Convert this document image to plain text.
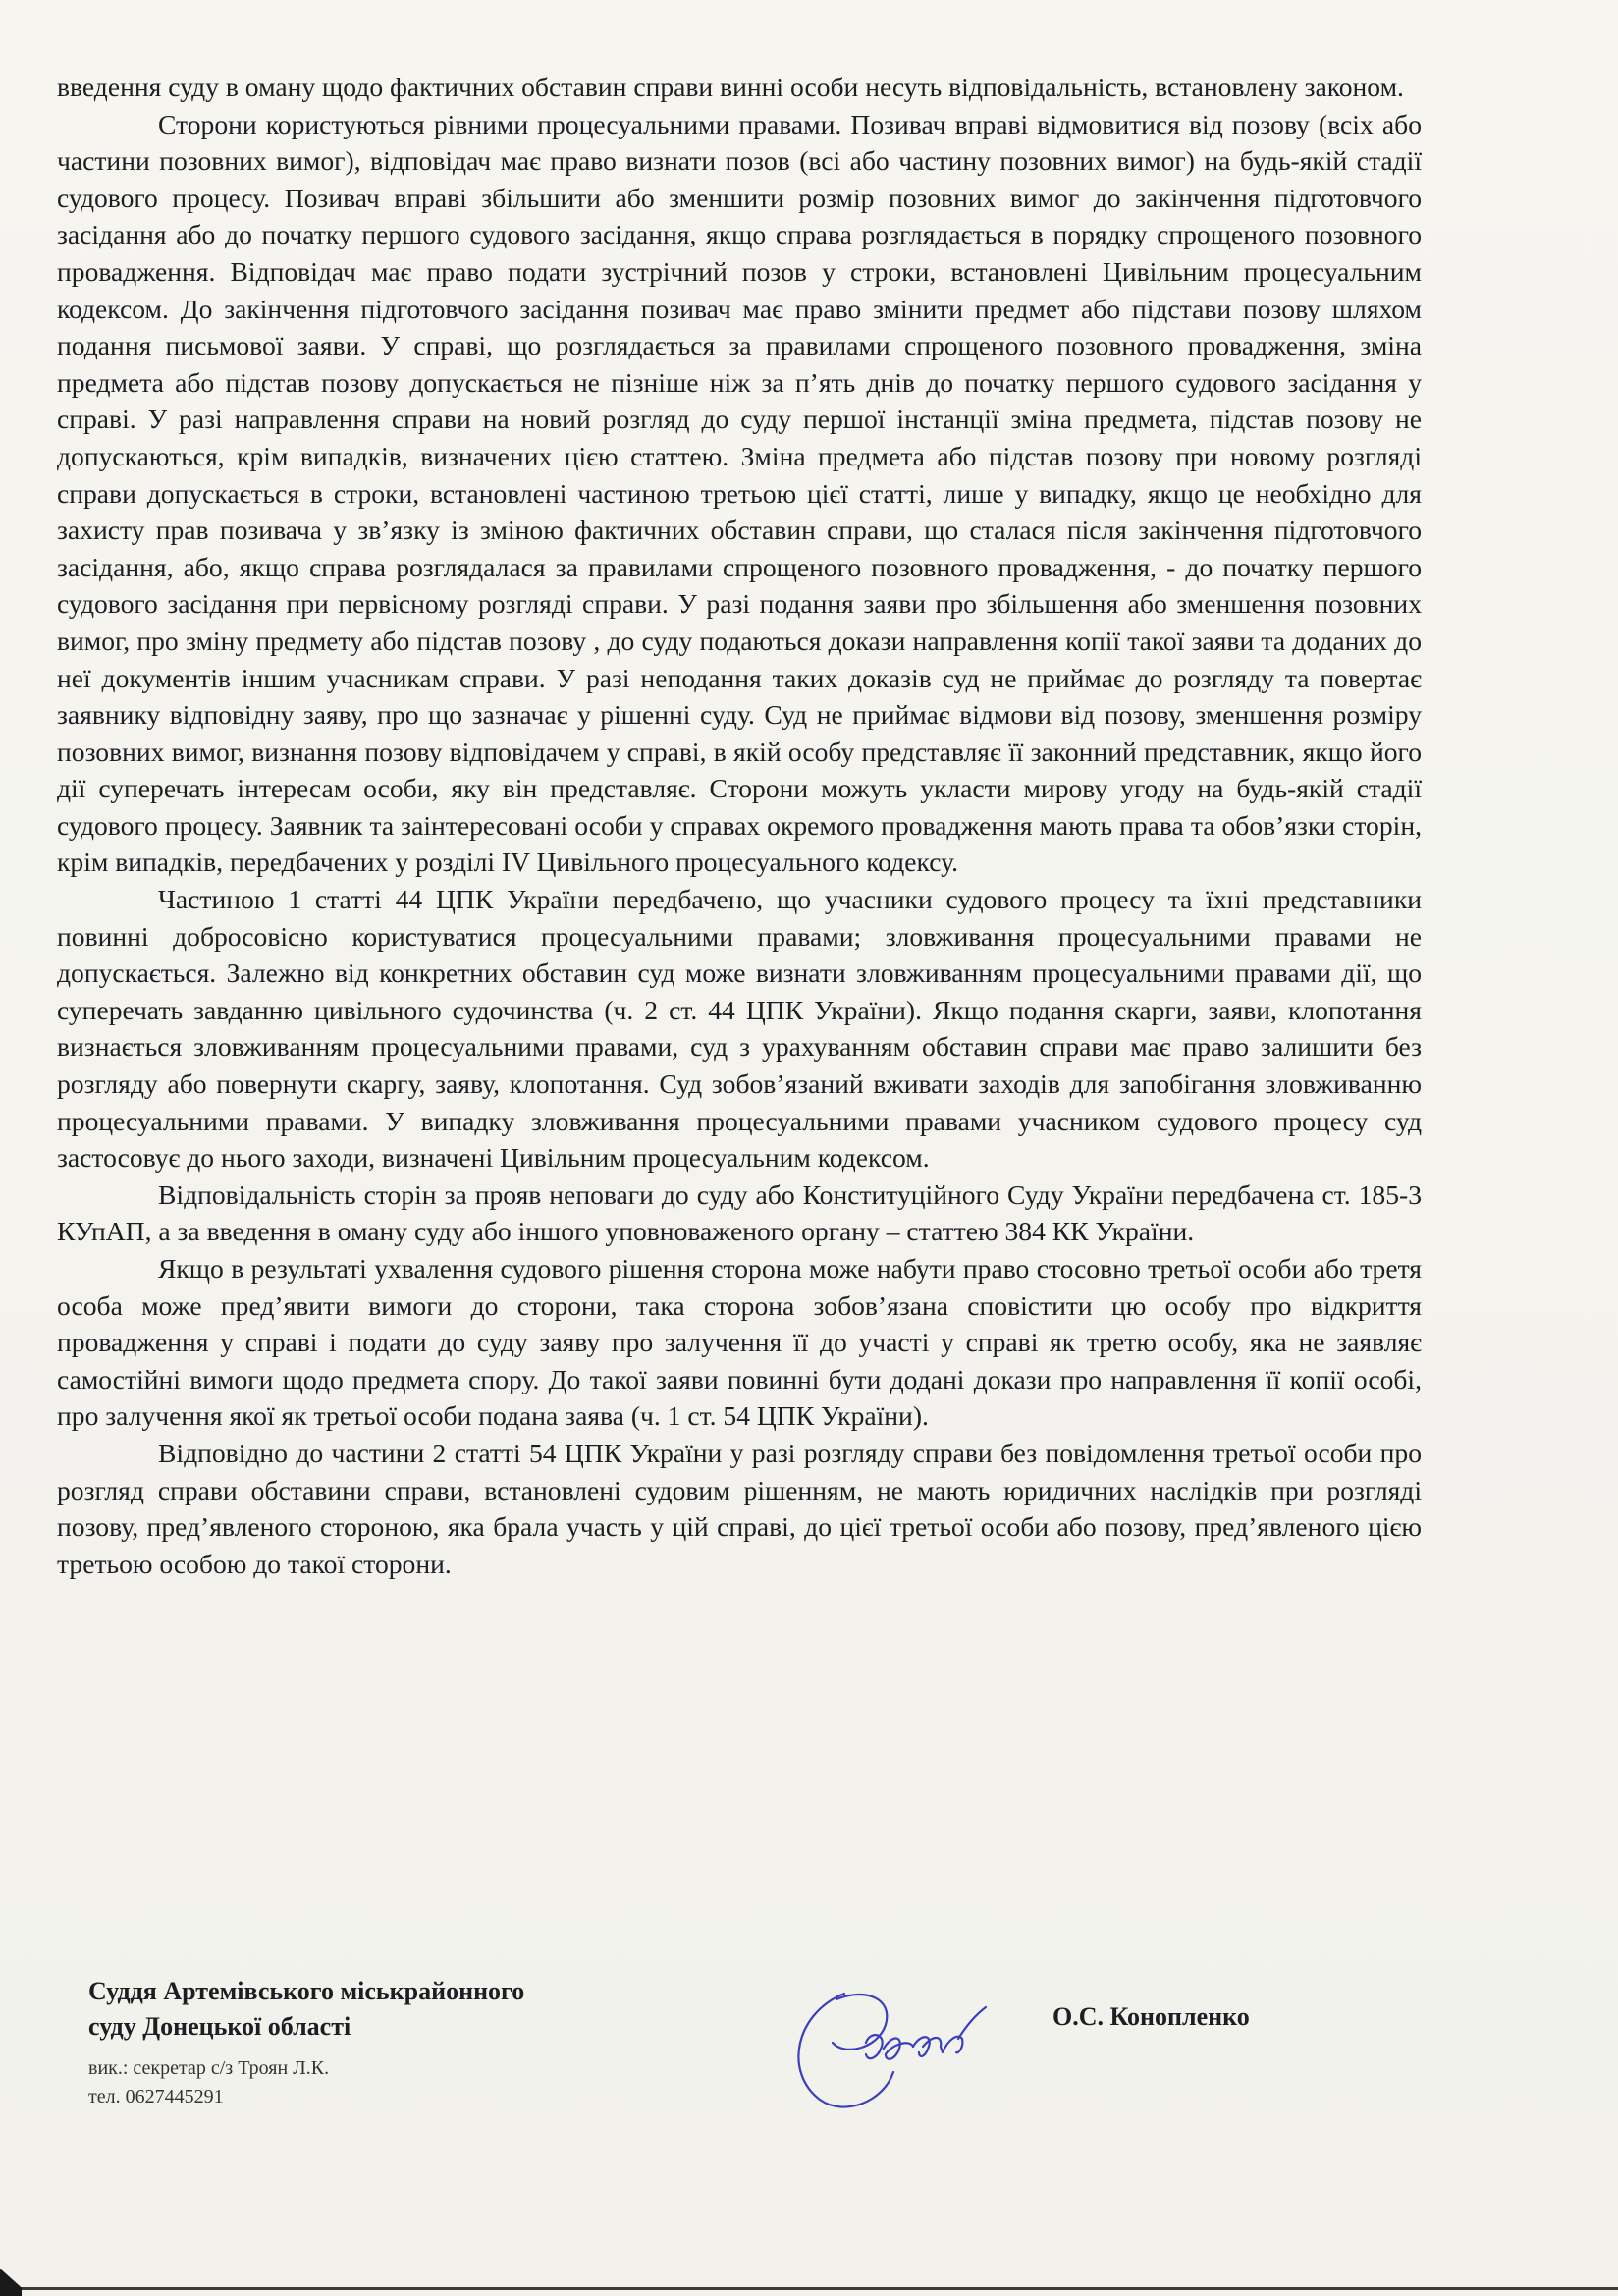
введення суду в оману щодо фактичних обставин справи винні особи несуть відповідальність, встановлену законом.

Сторони користуються рівними процесуальними правами. Позивач вправі відмовитися від позову (всіх або частини позовних вимог), відповідач має право визнати позов (всі або частину позовних вимог) на будь-якій стадії судового процесу. Позивач вправі збільшити або зменшити розмір позовних вимог до закінчення підготовчого засідання або до початку першого судового засідання, якщо справа розглядається в порядку спрощеного позовного провадження. Відповідач має право подати зустрічний позов у строки, встановлені Цивільним процесуальним кодексом. До закінчення підготовчого засідання позивач має право змінити предмет або підстави позову шляхом подання письмової заяви. У справі, що розглядається за правилами спрощеного позовного провадження, зміна предмета або підстав позову допускається не пізніше ніж за п’ять днів до початку першого судового засідання у справі. У разі направлення справи на новий розгляд до суду першої інстанції зміна предмета, підстав позову не допускаються, крім випадків, визначених цією статтею. Зміна предмета або підстав позову при новому розгляді справи допускається в строки, встановлені частиною третьою цієї статті, лише у випадку, якщо це необхідно для захисту прав позивача у зв’язку із зміною фактичних обставин справи, що сталася після закінчення підготовчого засідання, або, якщо справа розглядалася за правилами спрощеного позовного провадження, - до початку першого судового засідання при первісному розгляді справи. У разі подання заяви про збільшення або зменшення позовних вимог, про зміну предмету або підстав позову , до суду подаються докази направлення копії такої заяви та доданих до неї документів іншим учасникам справи. У разі неподання таких доказів суд не приймає до розгляду та повертає заявнику відповідну заяву, про що зазначає у рішенні суду. Суд не приймає відмови від позову, зменшення розміру позовних вимог, визнання позову відповідачем у справі, в якій особу представляє її законний представник, якщо його дії суперечать інтересам особи, яку він представляє. Сторони можуть укласти мирову угоду на будь-якій стадії судового процесу. Заявник та заінтересовані особи у справах окремого провадження мають права та обов’язки сторін, крім випадків, передбачених у розділі IV Цивільного процесуального кодексу.

Частиною 1 статті 44 ЦПК України передбачено, що учасники судового процесу та їхні представники повинні добросовісно користуватися процесуальними правами; зловживання процесуальними правами не допускається. Залежно від конкретних обставин суд може визнати зловживанням процесуальними правами дії, що суперечать завданню цивільного судочинства (ч. 2 ст. 44 ЦПК України). Якщо подання скарги, заяви, клопотання визнається зловживанням процесуальними правами, суд з урахуванням обставин справи має право залишити без розгляду або повернути скаргу, заяву, клопотання. Суд зобов’язаний вживати заходів для запобігання зловживанню процесуальними правами. У випадку зловживання процесуальними правами учасником судового процесу суд застосовує до нього заходи, визначені Цивільним процесуальним кодексом.

Відповідальність сторін за прояв неповаги до суду або Конституційного Суду України передбачена ст. 185-3 КУпАП, а за введення в оману суду або іншого уповноваженого органу – статтею 384 КК України.

Якщо в результаті ухвалення судового рішення сторона може набути право стосовно третьої особи або третя особа може пред’явити вимоги до сторони, така сторона зобов’язана сповістити цю особу про відкриття провадження у справі і подати до суду заяву про залучення її до участі у справі як третю особу, яка не заявляє самостійні вимоги щодо предмета спору. До такої заяви повинні бути додані докази про направлення її копії особі, про залучення якої як третьої особи подана заява (ч. 1 ст. 54 ЦПК України).

Відповідно до частини 2 статті 54 ЦПК України у разі розгляду справи без повідомлення третьої особи про розгляд справи обставини справи, встановлені судовим рішенням, не мають юридичних наслідків при розгляді позову, пред’явленого стороною, яка брала участь у цій справі, до цієї третьої особи або позову, пред’явленого цією третьою особою до такої сторони.

Суддя Артемівського міськрайонного
суду Донецької області
вик.: секретар с/з Троян Л.К.
тел. 0627445291
О.С. Конопленко
